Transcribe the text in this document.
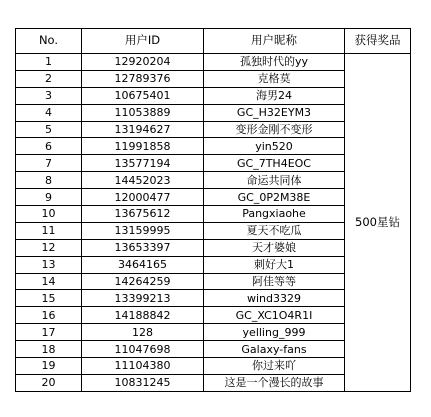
No.	用户ID	用户昵称	获得奖品
1	12920204	孤独时代的yy	500星钻
2	12789376	克格莫	
3	10675401	海男24	
4	11053889	GC_H32EYM3	
5	13194627	变形金刚不变形	
6	11991858	yin520	
7	13577194	GC_7TH4EOC	
8	14452023	命运共同体	
9	12000477	GC_0P2M38E	
10	13675612	Pangxiaohe	
11	13159995	夏天不吃瓜	
12	13653397	天才婆娘	
13	3464165	刺好大1	
14	14264259	阿佳等等	
15	13399213	wind3329	
16	14188842	GC_XC1O4R1I	
17	128	yelling_999	
18	11047698	Galaxy-fans	
19	11104380	你过来吖	
20	10831245	这是一个漫长的故事	
